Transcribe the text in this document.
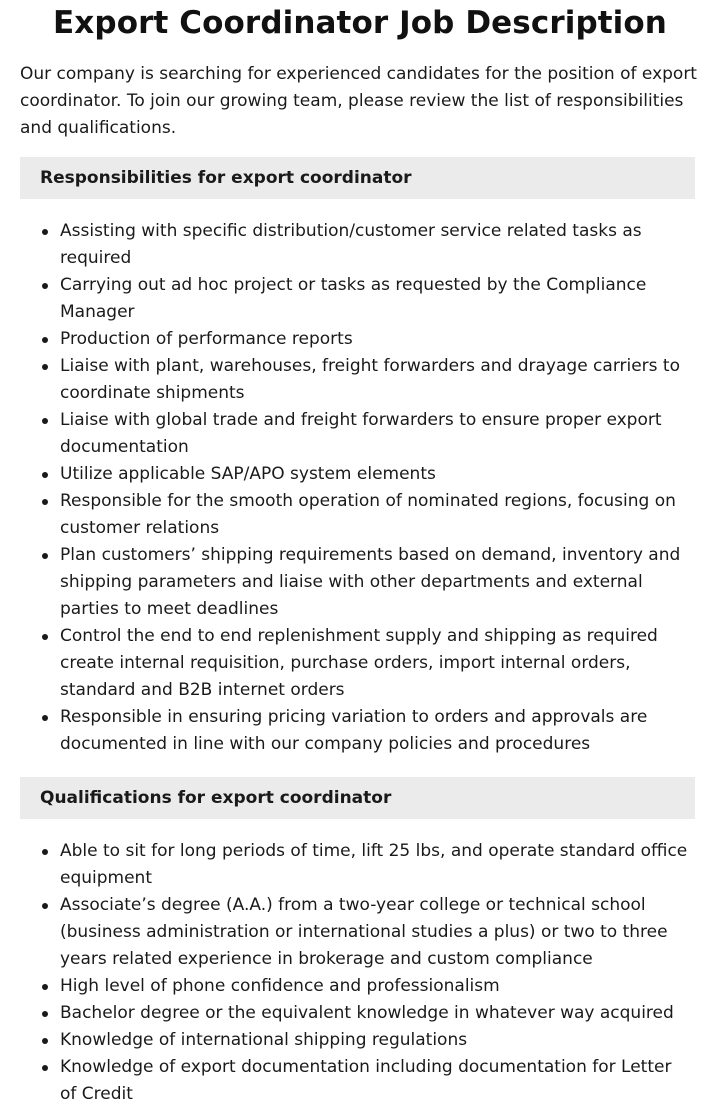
Export Coordinator Job Description

Our company is searching for experienced candidates for the position of export coordinator. To join our growing team, please review the list of responsibilities and qualifications.

Responsibilities for export coordinator
Assisting with specific distribution/customer service related tasks as required
Carrying out ad hoc project or tasks as requested by the Compliance Manager
Production of performance reports
Liaise with plant, warehouses, freight forwarders and drayage carriers to coordinate shipments
Liaise with global trade and freight forwarders to ensure proper export documentation
Utilize applicable SAP/APO system elements
Responsible for the smooth operation of nominated regions, focusing on customer relations
Plan customers’ shipping requirements based on demand, inventory and shipping parameters and liaise with other departments and external parties to meet deadlines
Control the end to end replenishment supply and shipping as required create internal requisition, purchase orders, import internal orders, standard and B2B internet orders
Responsible in ensuring pricing variation to orders and approvals are documented in line with our company policies and procedures
Qualifications for export coordinator
Able to sit for long periods of time, lift 25 lbs, and operate standard office equipment
Associate’s degree (A.A.) from a two-year college or technical school (business administration or international studies a plus) or two to three years related experience in brokerage and custom compliance
High level of phone confidence and professionalism
Bachelor degree or the equivalent knowledge in whatever way acquired
Knowledge of international shipping regulations
Knowledge of export documentation including documentation for Letter of Credit
